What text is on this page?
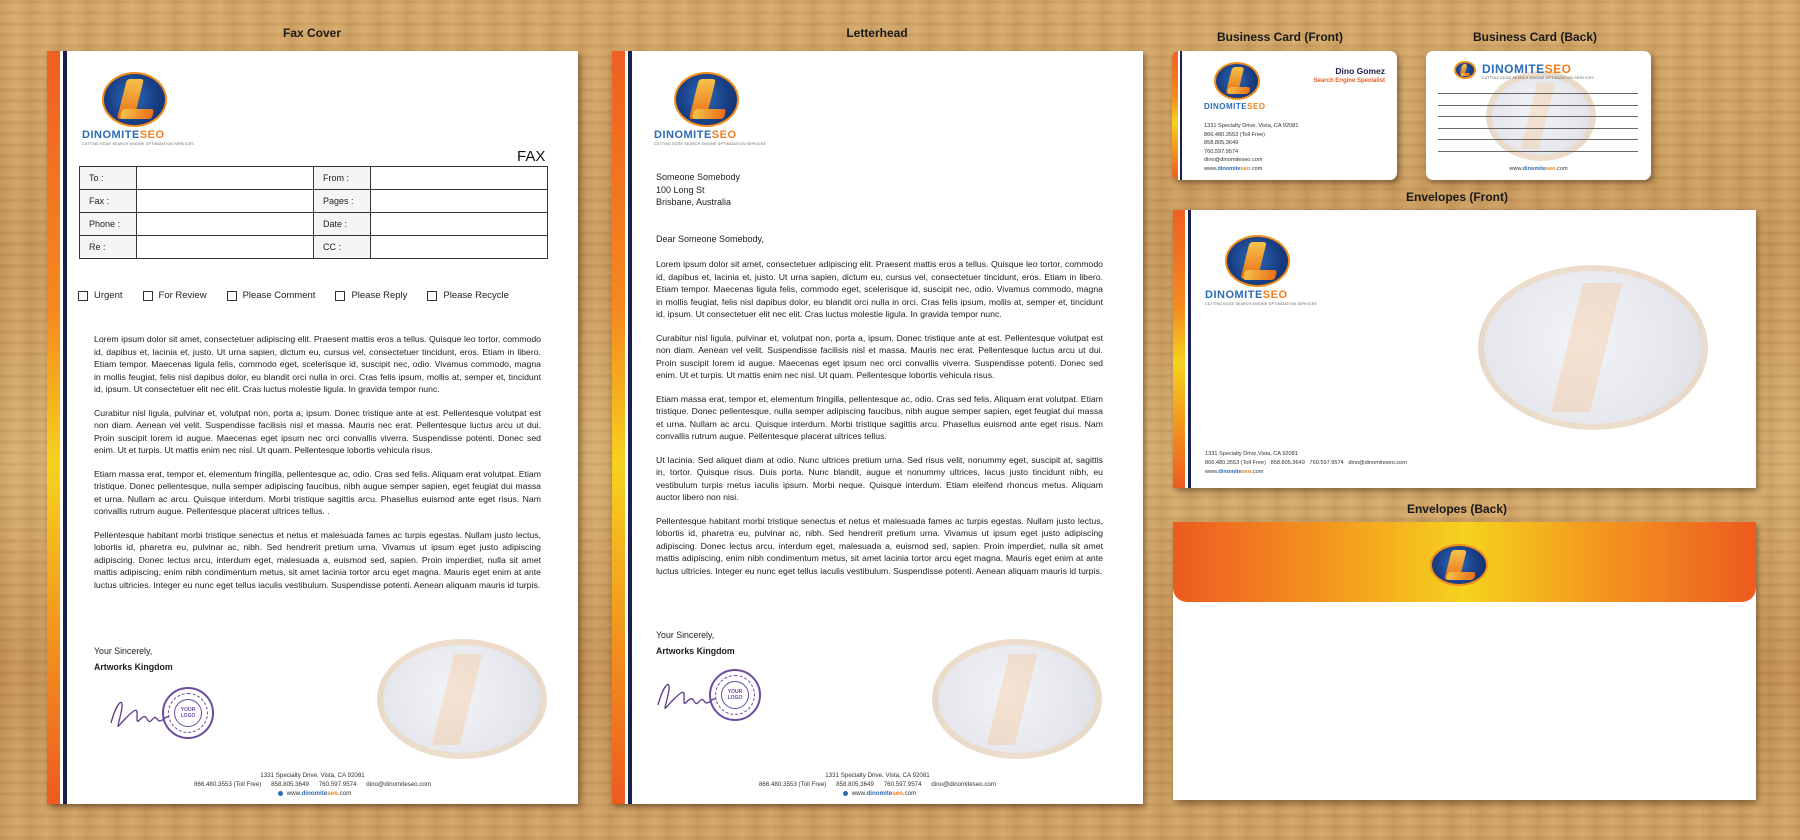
Fax Cover	Letterhead	Business Card (Front)	Business Card (Back)
Envelopes (Front)
Envelopes (Back)
DINOMITESEO
CUTTING EDGE SEARCH ENGINE OPTIMIZATION SERVICES
FAX
To :		From :	
Fax :		Pages :	
Phone :		Date :	
Re :		CC :	
Urgent	For Review	Please Comment	Please Reply	Please Recycle

Lorem ipsum dolor sit amet, consectetuer adipiscing elit. Praesent mattis eros a tellus. Quisque leo tortor, commodo id, dapibus et, lacinia et, justo. Ut urna sapien, dictum eu, cursus vel, consectetuer tincidunt, eros. Etiam in libero. Etiam tempor. Maecenas ligula felis, commodo eget, scelerisque id, suscipit nec, odio. Vivamus commodo, magna in mollis feugiat, felis nisl dapibus dolor, eu blandit orci nulla in orci. Cras felis ipsum, mollis at, semper et, tincidunt id, ipsum. Ut consectetuer elit nec elit. Cras luctus molestie ligula. In gravida tempor nunc.

Curabitur nisl ligula, pulvinar et, volutpat non, porta a, ipsum. Donec tristique ante at est. Pellentesque volutpat est non diam. Aenean vel velit. Suspendisse facilisis nisl et massa. Mauris nec erat. Pellentesque luctus arcu ut dui. Proin suscipit lorem id augue. Maecenas eget ipsum nec orci convallis viverra. Suspendisse potenti. Donec sed enim. Ut et turpis. Ut mattis enim nec nisl. Ut quam. Pellentesque lobortis vehicula risus.

Etiam massa erat, tempor et, elementum fringilla, pellentesque ac, odio. Cras sed felis. Aliquam erat volutpat. Etiam tristique. Donec pellentesque, nulla semper adipiscing faucibus, nibh augue semper sapien, eget feugiat dui massa et urna. Nullam ac arcu. Quisque interdum. Morbi tristique sagittis arcu. Phasellus euismod ante eget risus. Nam convallis rutrum augue. Pellentesque placerat ultrices tellus. .

Pellentesque habitant morbi tristique senectus et netus et malesuada fames ac turpis egestas. Nullam justo lectus, lobortis id, pharetra eu, pulvinar ac, nibh. Sed hendrerit pretium urna. Vivamus ut ipsum eget justo adipiscing adipiscing. Donec lectus arcu, interdum eget, malesuada a, euismod sed, sapien. Proin imperdiet, nulla sit amet mattis adipiscing, enim nibh condimentum metus, sit amet lacinia tortor arcu eget magna. Mauris eget enim at ante luctus ultricies. Integer eu nunc eget tellus iaculis vestibulum. Suspendisse potenti. Aenean aliquam mauris id turpis.

Your Sincerely,
Artworks Kingdom
YOUR
LOGO
1331 Specialty Drive, Vista, CA 92081
866.480.3553 (Toll Free) 858.805.3649 760.597.9574 dino@dinomiteseo.com
www.dinomiteseo.com
DINOMITESEO
CUTTING EDGE SEARCH ENGINE OPTIMIZATION SERVICES
Someone Somebody
100 Long St
Brisbane, Australia
Dear Someone Somebody,

Lorem ipsum dolor sit amet, consectetuer adipiscing elit. Praesent mattis eros a tellus. Quisque leo tortor, commodo id, dapibus et, lacinia et, justo. Ut urna sapien, dictum eu, cursus vel, consectetuer tincidunt, eros. Etiam in libero. Etiam tempor. Maecenas ligula felis, commodo eget, scelerisque id, suscipit nec, odio. Vivamus commodo, magna in mollis feugiat, felis nisl dapibus dolor, eu blandit orci nulla in orci. Cras felis ipsum, mollis at, semper et, tincidunt id, ipsum. Ut consectetuer elit nec elit. Cras luctus molestie ligula. In gravida tempor nunc.

Curabitur nisl ligula, pulvinar et, volutpat non, porta a, ipsum. Donec tristique ante at est. Pellentesque volutpat est non diam. Aenean vel velit. Suspendisse facilisis nisl et massa. Mauris nec erat. Pellentesque luctus arcu ut dui. Proin suscipit lorem id augue. Maecenas eget ipsum nec orci convallis viverra. Suspendisse potenti. Donec sed enim. Ut et turpis. Ut mattis enim nec nisl. Ut quam. Pellentesque lobortis vehicula risus.

Etiam massa erat, tempor et, elementum fringilla, pellentesque ac, odio. Cras sed felis. Aliquam erat volutpat. Etiam tristique. Donec pellentesque, nulla semper adipiscing faucibus, nibh augue semper sapien, eget feugiat dui massa et urna. Nullam ac arcu. Quisque interdum. Morbi tristique sagittis arcu. Phasellus euismod ante eget risus. Nam convallis rutrum augue. Pellentesque placerat ultrices tellus.

Ut lacinia. Sed aliquet diam at odio. Nunc ultrices pretium urna. Sed risus velit, nonummy eget, suscipit at, sagittis in, tortor. Quisque risus. Duis porta. Nunc blandit, augue et nonummy ultrices, lacus justo tincidunt nibh, eu vestibulum turpis metus iaculis ipsum. Morbi neque. Quisque interdum. Etiam eleifend rhoncus metus. Aliquam auctor libero non nisi.

Pellentesque habitant morbi tristique senectus et netus et malesuada fames ac turpis egestas. Nullam justo lectus, lobortis id, pharetra eu, pulvinar ac, nibh. Sed hendrerit pretium urna. Vivamus ut ipsum eget justo adipiscing adipiscing. Donec lectus arcu, interdum eget, malesuada a, euismod sed, sapien. Proin imperdiet, nulla sit amet mattis adipiscing, enim nibh condimentum metus, sit amet lacinia tortor arcu eget magna. Mauris eget enim at ante luctus ultricies. Integer eu nunc eget tellus iaculis vestibulum. Suspendisse potenti. Aenean aliquam mauris id turpis.

Your Sincerely,
Artworks Kingdom
YOUR
LOGO
1331 Specialty Drive, Vista, CA 92081
866.480.3553 (Toll Free) 858.805.3649 760.597.9574 dino@dinomiteseo.com
www.dinomiteseo.com
DINOMITESEO
Dino Gomez
Search Engine Specialist
1331 Specialty Drive, Vista, CA 92081
866.480.3553 (Toll Free)
858.805.3649
760.597.9574
dino@dinomiteseo.com
www.dinomiteseo.com
DINOMITESEO
CUTTING EDGE SEARCH ENGINE OPTIMIZATION SERVICES
www.dinomiteseo.com
DINOMITESEO
CUTTING EDGE SEARCH ENGINE OPTIMIZATION SERVICES
1331 Specialty Drive,Vista, CA 92081
866.480.3553 (Toll Free) 858.805.3649 760.597.9574 dino@dinomiteseo.com
www.dinomiteseo.com
